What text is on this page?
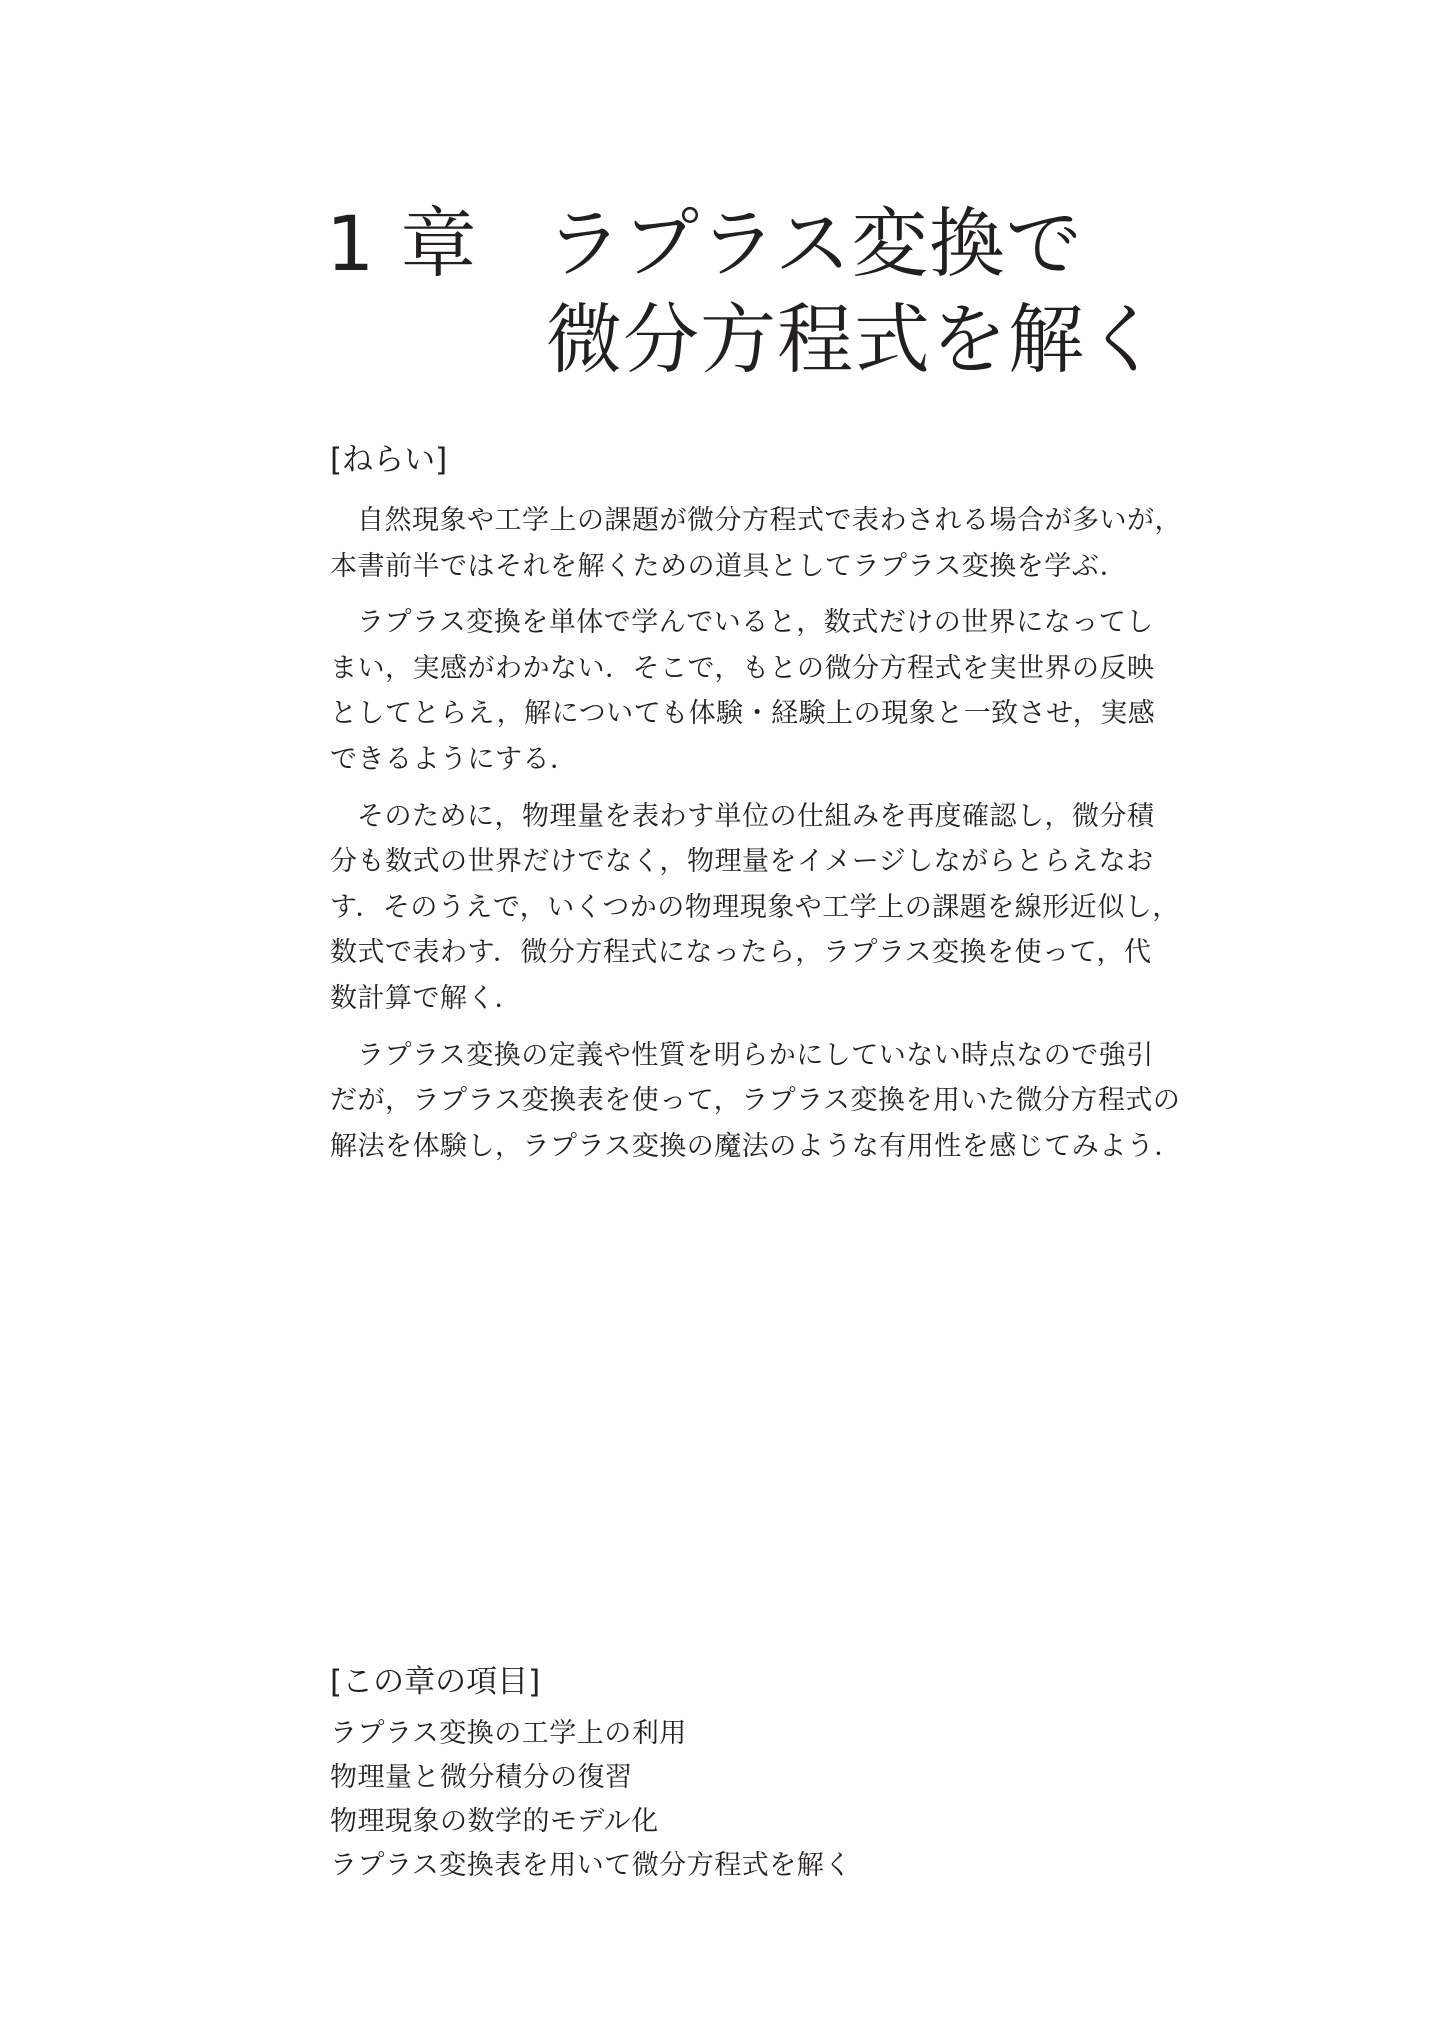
1 章 ラプラス変換で
微分方程式を解く
[ねらい]

自然現象や工学上の課題が微分方程式で表わされる場合が多いが，
本書前半ではそれを解くための道具としてラプラス変換を学ぶ．

ラプラス変換を単体で学んでいると，数式だけの世界になってし
まい，実感がわかない．そこで，もとの微分方程式を実世界の反映
としてとらえ，解についても体験・経験上の現象と一致させ，実感
できるようにする．

そのために，物理量を表わす単位の仕組みを再度確認し，微分積
分も数式の世界だけでなく，物理量をイメージしながらとらえなお
す．そのうえで，いくつかの物理現象や工学上の課題を線形近似し，
数式で表わす．微分方程式になったら，ラプラス変換を使って，代
数計算で解く．

ラプラス変換の定義や性質を明らかにしていない時点なので強引
だが，ラプラス変換表を使って，ラプラス変換を用いた微分方程式の
解法を体験し，ラプラス変換の魔法のような有用性を感じてみよう．

[この章の項目]
ラプラス変換の工学上の利用
物理量と微分積分の復習
物理現象の数学的モデル化
ラプラス変換表を用いて微分方程式を解く
